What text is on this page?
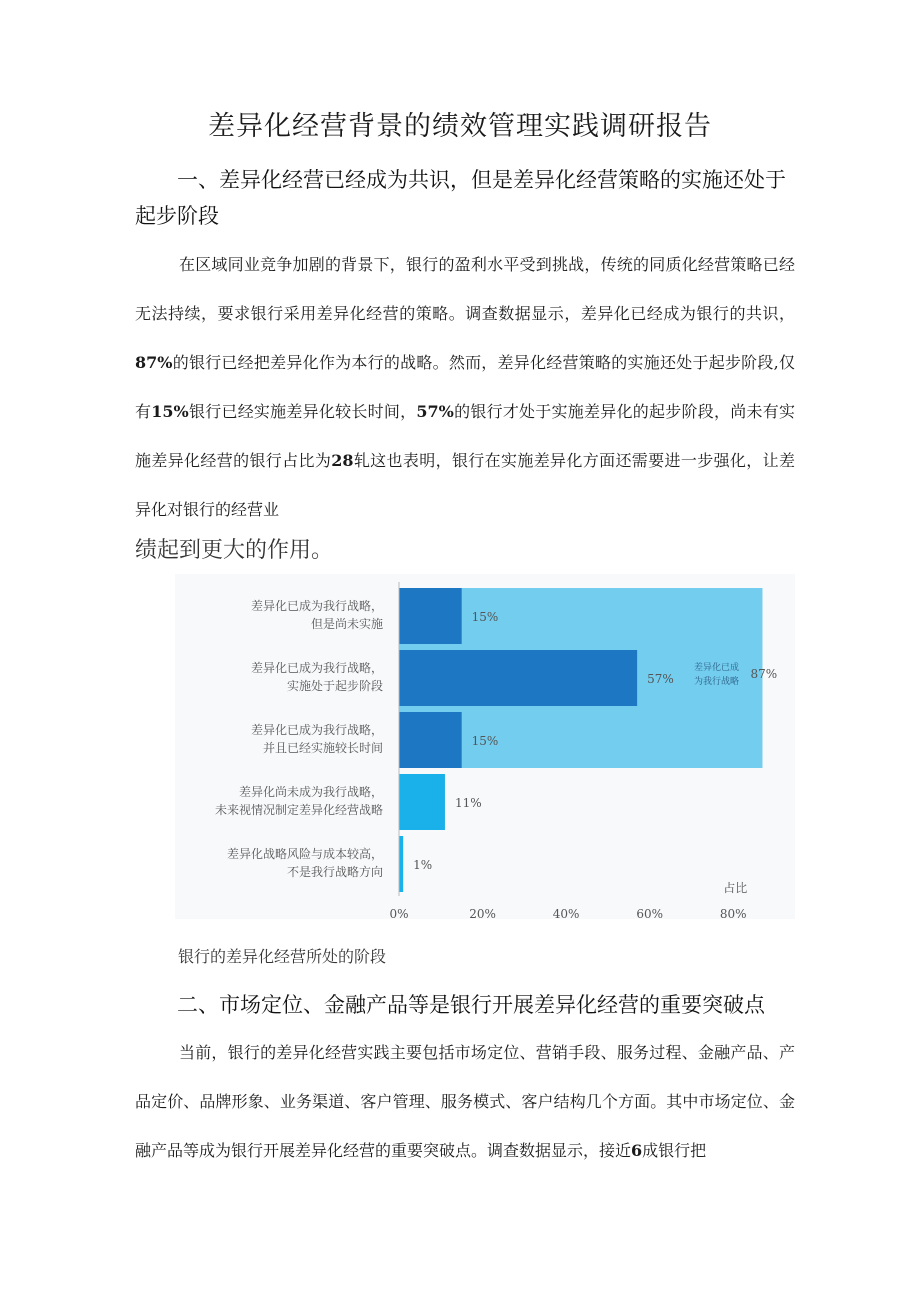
差异化经营背景的绩效管理实践调研报告
一、差异化经营已经成为共识，但是差异化经营策略的实施还处于起步阶段

在区域同业竞争加剧的背景下，银行的盈利水平受到挑战，传统的同质化经营策略已经无法持续，要求银行采用差异化经营的策略。调查数据显示，差异化已经成为银行的共识，87%的银行已经把差异化作为本行的战略。然而，差异化经营策略的实施还处于起步阶段,仅有15%银行已经实施差异化较长时间，57%的银行才处于实施差异化的起步阶段，尚未有实施差异化经营的银行占比为28轧这也表明，银行在实施差异化方面还需要进一步强化，让差异化对银行的经营业

绩起到更大的作用。

15%
差异化已成为我行战略，
但是尚未实施
57%
差异化已成为我行战略，
实施处于起步阶段
15%
差异化已成为我行战略，
并且已经实施较长时间
11%
差异化尚未成为我行战略，
未来视情况制定差异化经营战略
1%
差异化战略风险与成本较高，
不是我行战略方向
差异化已成
为我行战略
87%
0%	20%	40%	60%	80%
占比

银行的差异化经营所处的阶段

二、市场定位、金融产品等是银行开展差异化经营的重要突破点

当前，银行的差异化经营实践主要包括市场定位、营销手段、服务过程、金融产品、产品定价、品牌形象、业务渠道、客户管理、服务模式、客户结构几个方面。其中市场定位、金融产品等成为银行开展差异化经营的重要突破点。调查数据显示，接近6成银行把
